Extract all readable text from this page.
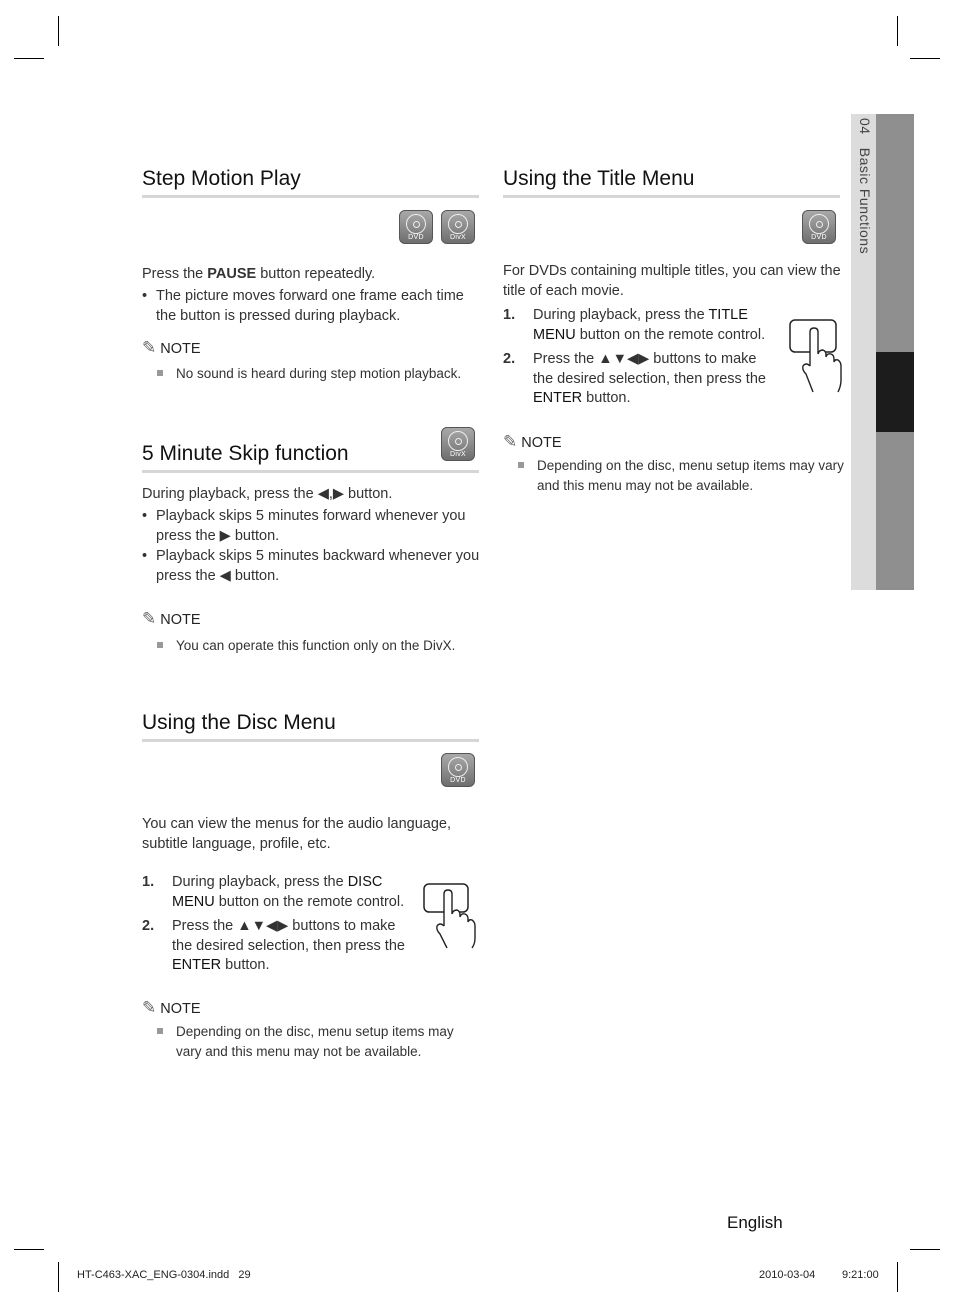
04   Basic Functions
Step Motion Play
DVD	DivX
Press the PAUSE button repeatedly.
• The picture moves forward one frame each time the button is pressed during playback.
✎ NOTE
No sound is heard during step motion playback.
5 Minute Skip function	DivX
During playback, press the ◀,▶ button.
• Playback skips 5 minutes forward whenever you press the ▶ button.
• Playback skips 5 minutes backward whenever you press the ◀ button.
✎ NOTE
You can operate this function only on the DivX.
Using the Disc Menu
DVD
You can view the menus for the audio language, subtitle language, profile, etc.
1. During playback, press the DISC MENU button on the remote control.
2. Press the ▲▼◀▶ buttons to make the desired selection, then press the ENTER button.
✎ NOTE
Depending on the disc, menu setup items may vary and this menu may not be available.
Using the Title Menu
DVD
For DVDs containing multiple titles, you can view the title of each movie.
1. During playback, press the TITLE MENU button on the remote control.
2. Press the ▲▼◀▶ buttons to make the desired selection, then press the ENTER button.
✎ NOTE
Depending on the disc, menu setup items may vary and this menu may not be available.
English
HT-C463-XAC_ENG-0304.indd   29	2010-03-04 9:21:00
